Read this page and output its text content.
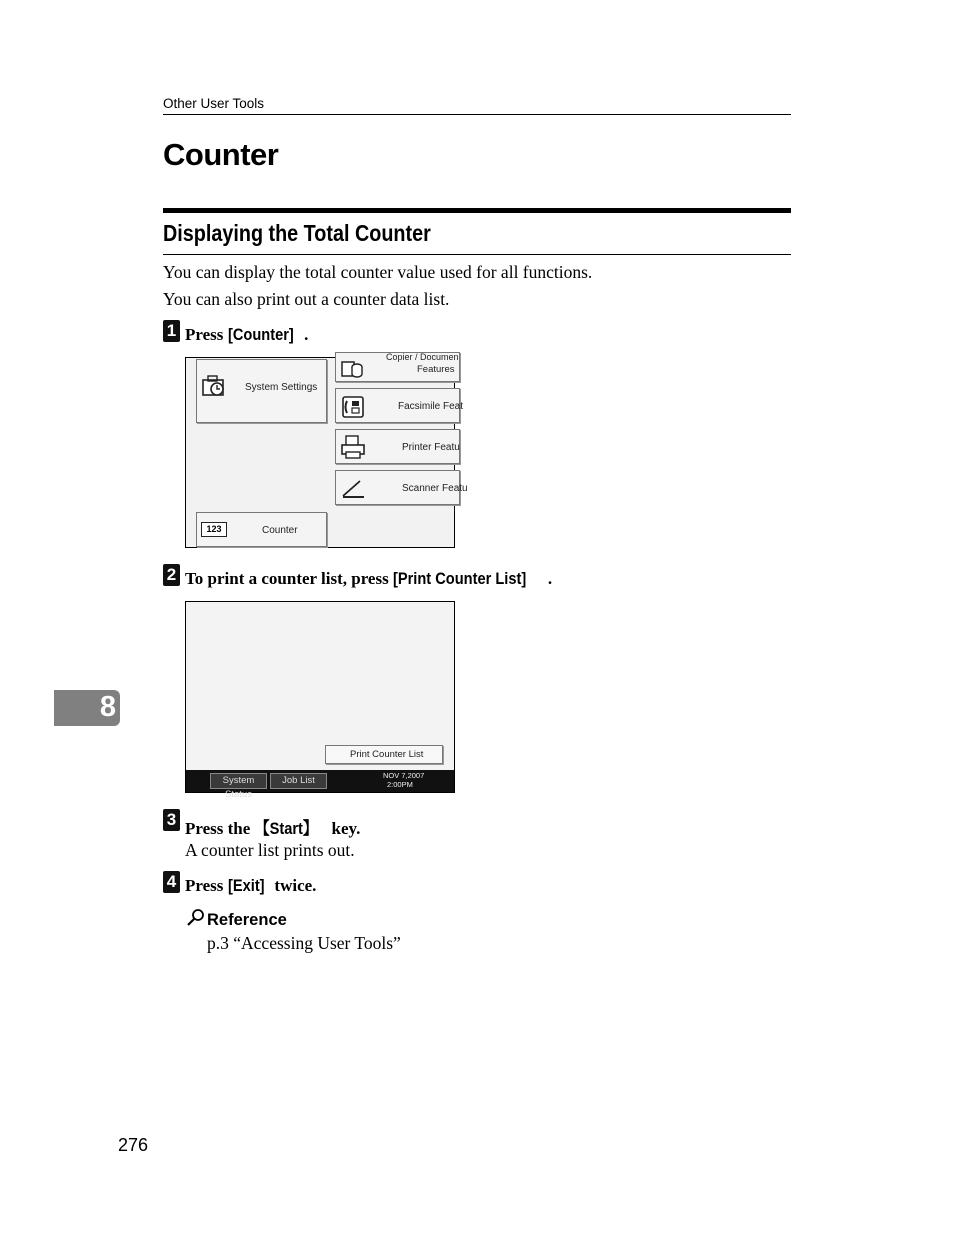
Other User Tools
Counter
Displaying the Total Counter
You can display the total counter value used for all functions.
You can also print out a counter data list.
1 Press [Counter] .
System Settings
Copier / Documen
Features
Facsimile Feat
Printer Featu
Scanner Featu
123	Counter
2 To print a counter list, press [Print Counter List] .
Print Counter List
System Status
Job List	NOV 7,2007
2:00PM
8
3 Press the 【Start】 key.
A counter list prints out.
4 Press [Exit] twice.
Reference
p.3 “Accessing User Tools”
276
